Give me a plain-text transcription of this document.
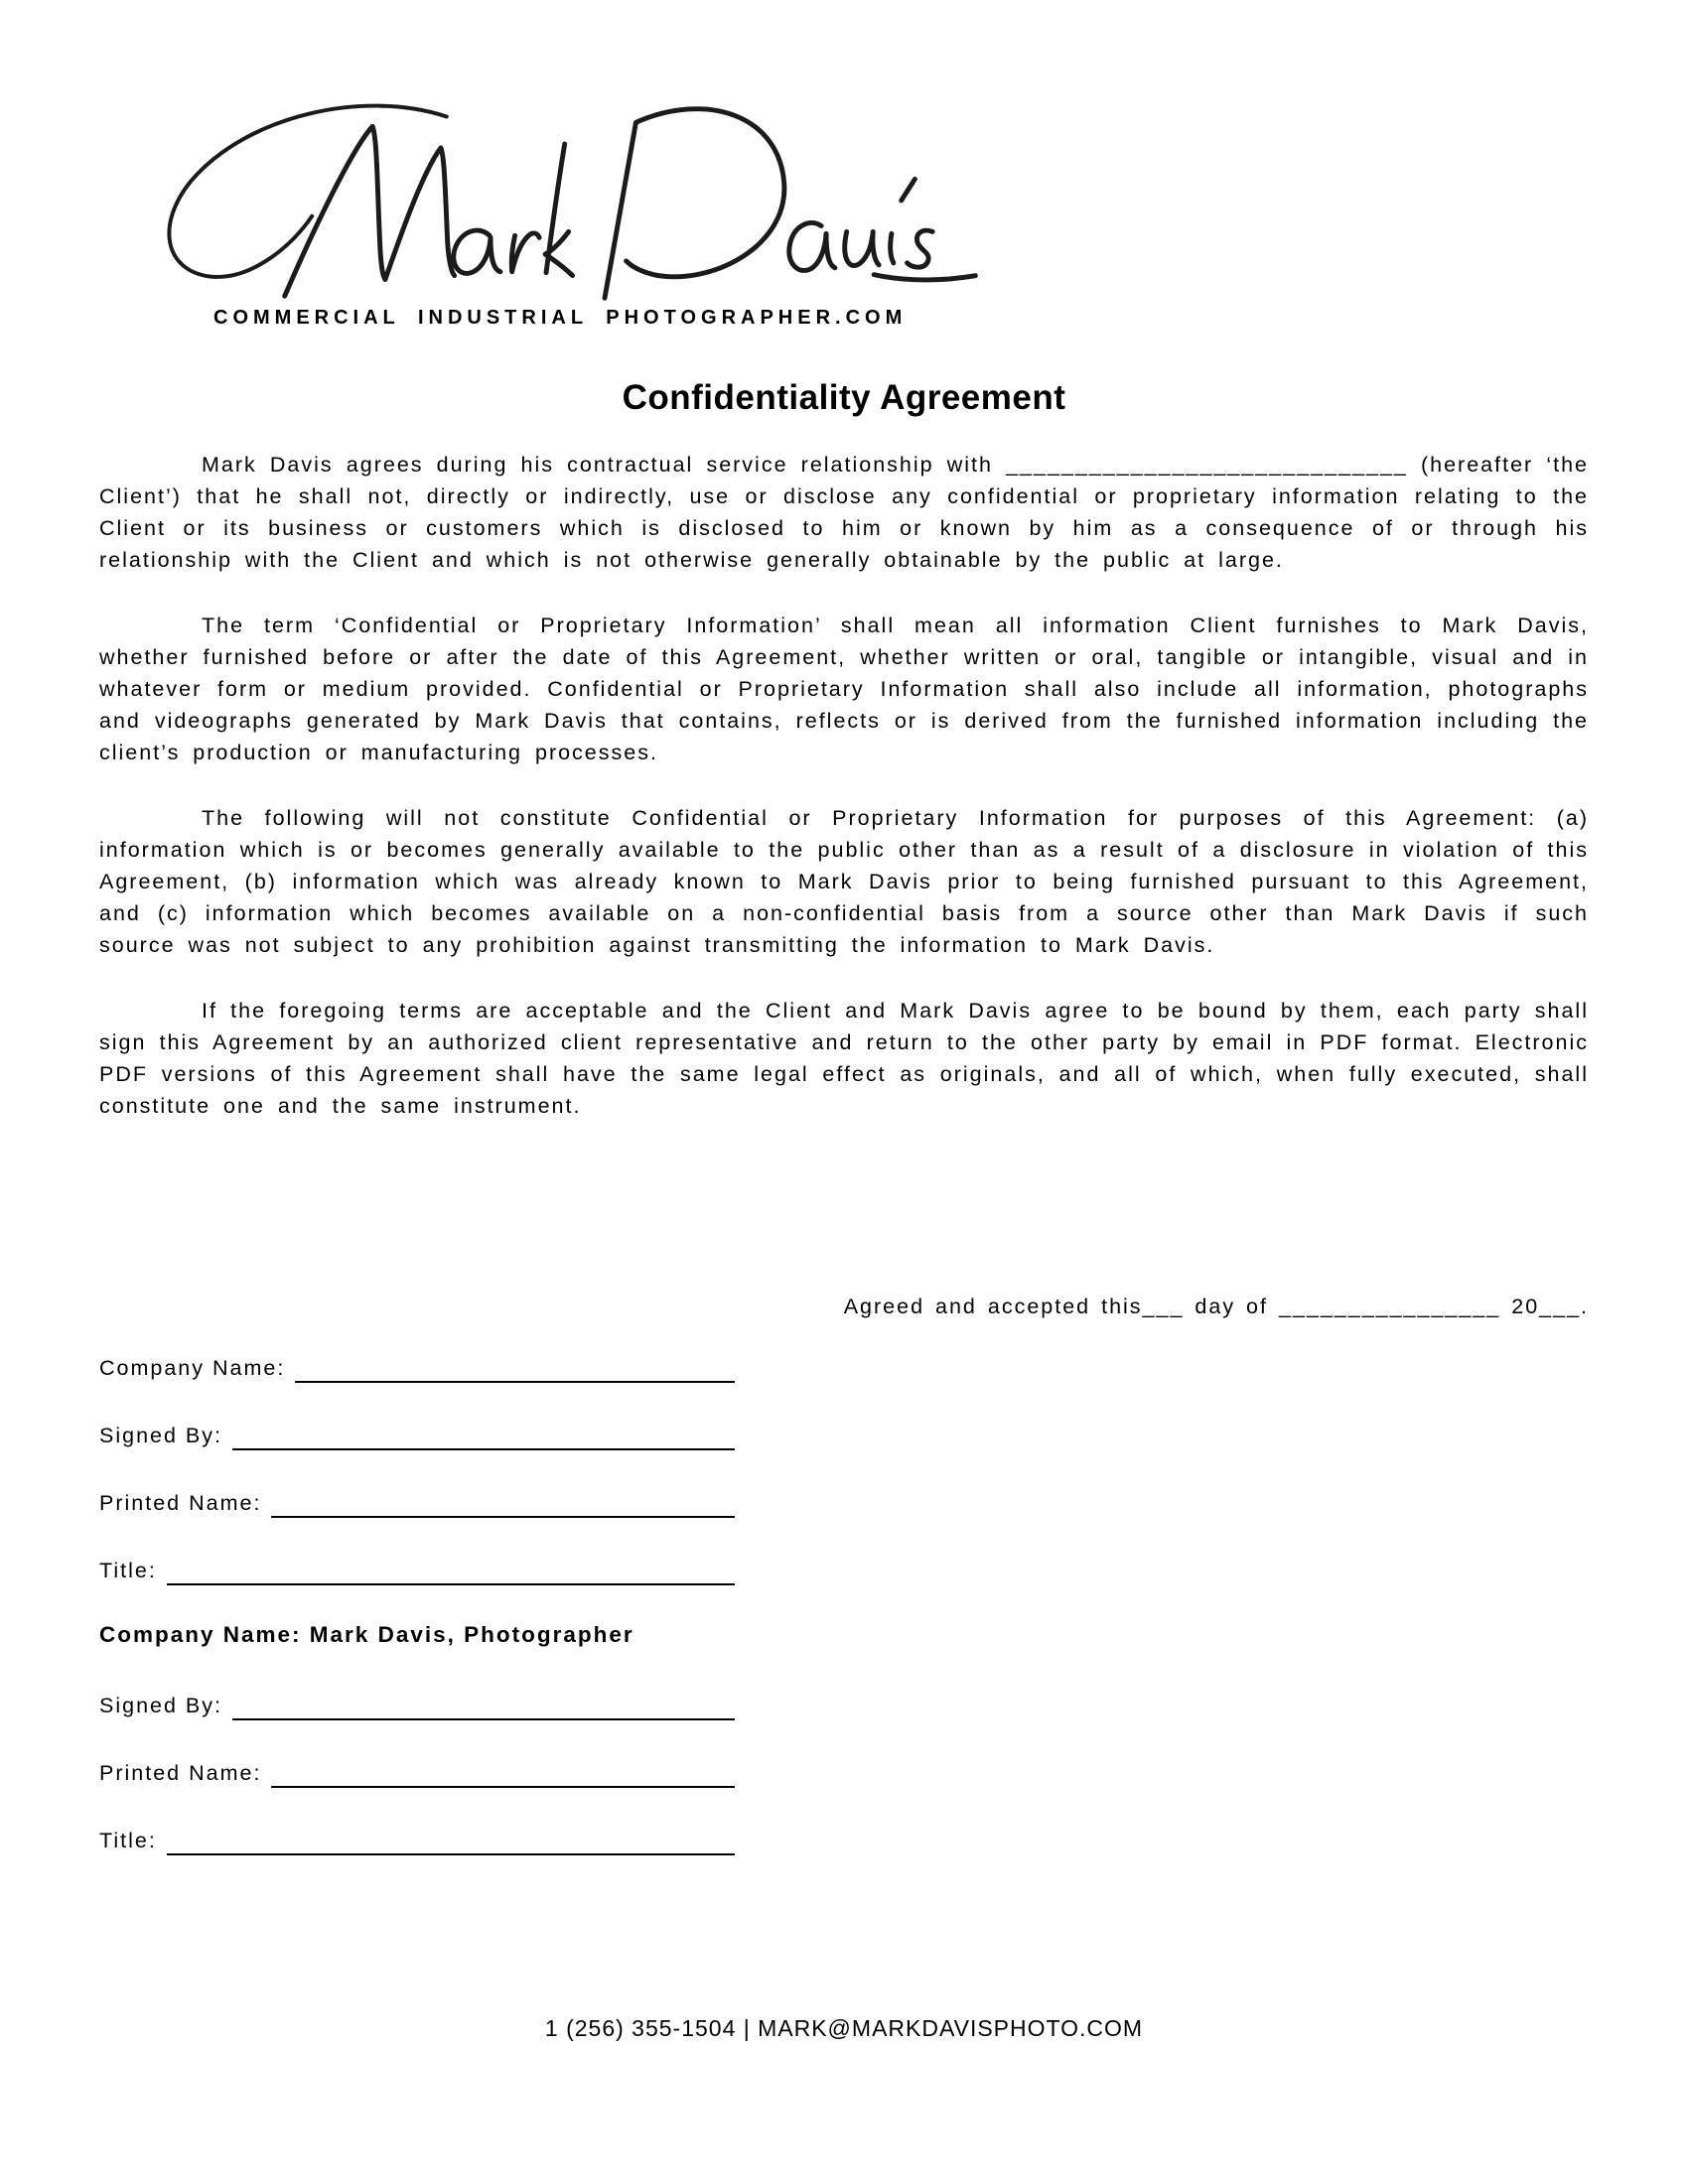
COMMERCIAL INDUSTRIAL PHOTOGRAPHER.COM
Confidentiality Agreement

Mark Davis agrees during his contractual service relationship with _____________________________ (hereafter ‘the Client’) that he shall not, directly or indirectly, use or disclose any confidential or proprietary information relating to the Client or its business or customers which is disclosed to him or known by him as a consequence of or through his relationship with the Client and which is not otherwise generally obtainable by the public at large.

The term ‘Confidential or Proprietary Information’ shall mean all information Client furnishes to Mark Davis, whether furnished before or after the date of this Agreement, whether written or oral, tangible or intangible, visual and in whatever form or medium provided. Confidential or Proprietary Information shall also include all information, photographs and videographs generated by Mark Davis that contains, reflects or is derived from the furnished information including the client’s production or manufacturing processes.

The following will not constitute Confidential or Proprietary Information for purposes of this Agreement: (a) information which is or becomes generally available to the public other than as a result of a disclosure in violation of this Agreement, (b) information which was already known to Mark Davis prior to being furnished pursuant to this Agreement, and (c) information which becomes available on a non-confidential basis from a source other than Mark Davis if such source was not subject to any prohibition against transmitting the information to Mark Davis.

If the foregoing terms are acceptable and the Client and Mark Davis agree to be bound by them, each party shall sign this Agreement by an authorized client representative and return to the other party by email in PDF format. Electronic PDF versions of this Agreement shall have the same legal effect as originals, and all of which, when fully executed, shall constitute one and the same instrument.

Agreed and accepted this___ day of ________________ 20___.

Company Name:
Signed By:
Printed Name:
Title:
Company Name: Mark Davis, Photographer
Signed By:
Printed Name:
Title:
1 (256) 355-1504 | MARK@MARKDAVISPHOTO.COM
